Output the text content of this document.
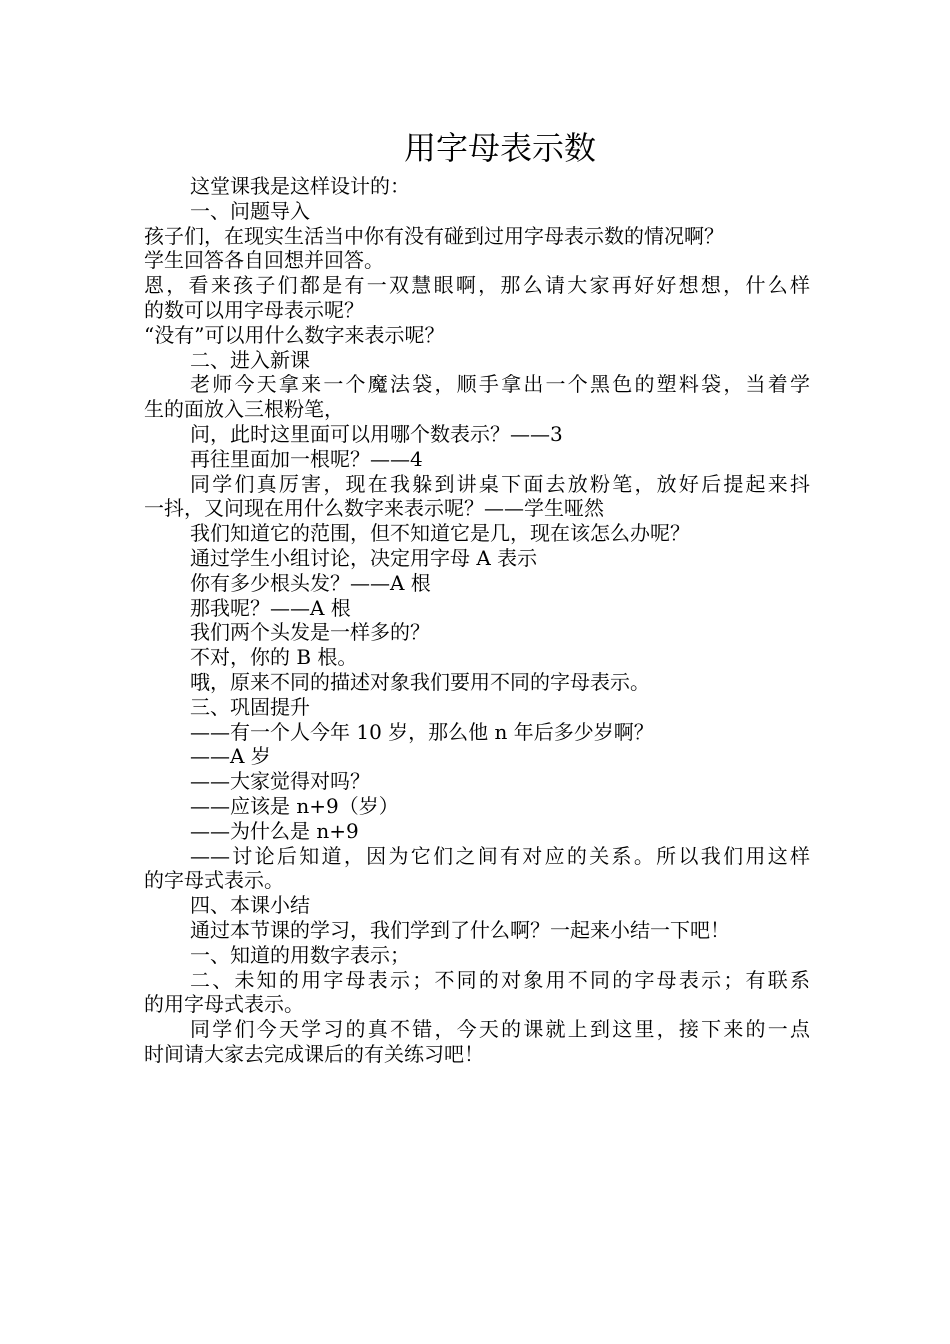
用字母表示数
这堂课我是这样设计的：
一、问题导入
孩子们，在现实生活当中你有没有碰到过用字母表示数的情况啊？
学生回答各自回想并回答。
恩，看来孩子们都是有一双慧眼啊，那么请大家再好好想想，什么样
的数可以用字母表示呢？
“没有”可以用什么数字来表示呢？
二、进入新课
老师今天拿来一个魔法袋，顺手拿出一个黑色的塑料袋，当着学
生的面放入三根粉笔，
问，此时这里面可以用哪个数表示？——3
再往里面加一根呢？——4
同学们真厉害，现在我躲到讲桌下面去放粉笔，放好后提起来抖
一抖，又问现在用什么数字来表示呢？——学生哑然
我们知道它的范围，但不知道它是几，现在该怎么办呢？
通过学生小组讨论，决定用字母 A 表示
你有多少根头发？——A 根
那我呢？——A 根
我们两个头发是一样多的？
不对，你的 B 根。
哦，原来不同的描述对象我们要用不同的字母表示。
三、巩固提升
——有一个人今年 10 岁，那么他 n 年后多少岁啊？
——A 岁
——大家觉得对吗？
——应该是 n+9（岁）
——为什么是 n+9
——讨论后知道，因为它们之间有对应的关系。所以我们用这样
的字母式表示。
四、本课小结
通过本节课的学习，我们学到了什么啊？一起来小结一下吧！
一、知道的用数字表示；
二、未知的用字母表示；不同的对象用不同的字母表示；有联系
的用字母式表示。
同学们今天学习的真不错，今天的课就上到这里，接下来的一点
时间请大家去完成课后的有关练习吧！
